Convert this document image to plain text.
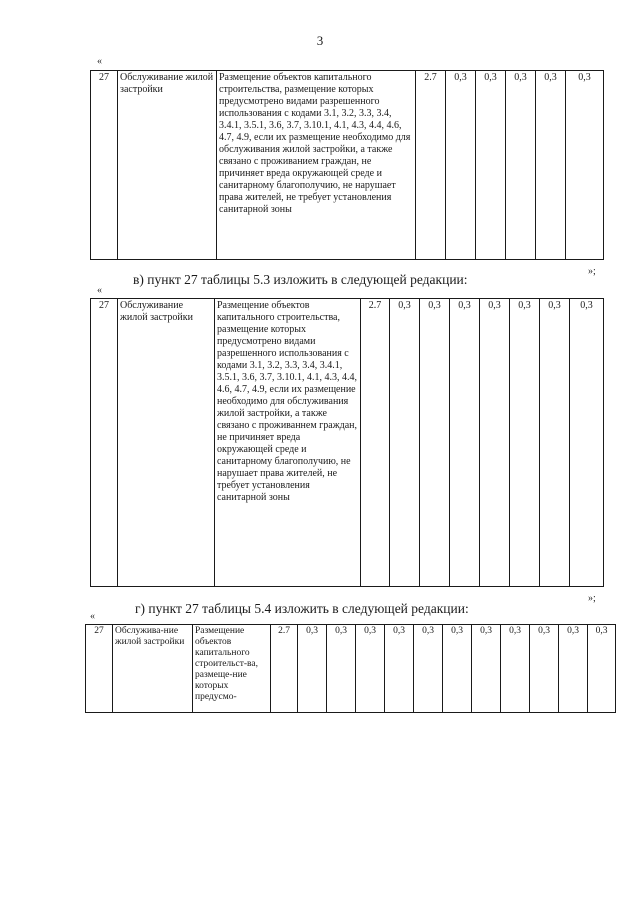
3
«
27	Обслуживание жилой застройки	Размещение объектов капитального строительства, размещение которых предусмотрено видами разрешенного использования с кодами 3.1, 3.2, 3.3, 3.4, 3.4.1, 3.5.1, 3.6, 3.7, 3.10.1, 4.1, 4.3, 4.4, 4.6, 4.7, 4.9, если их размещение необходимо для обслуживания жилой застройки, а также связано с проживанием граждан, не причиняет вреда окружающей среде и санитарному благополучию, не нарушает права жителей, не требует установления санитарной зоны	2.7	0,3	0,3	0,3	0,3	0,3
»;
в) пункт 27 таблицы 5.3 изложить в следующей редакции:
«
27	Обслуживание жилой застройки	Размещение объектов капитального строительства, размещение которых предусмотрено видами разрешенного использования с кодами 3.1, 3.2, 3.3, 3.4, 3.4.1, 3.5.1, 3.6, 3.7, 3.10.1, 4.1, 4.3, 4.4, 4.6, 4.7, 4.9, если их размещение необходимо для обслуживания жилой застройки, а также связано с проживаннем граждан, не причиняет вреда окружающей среде и санитарному благополучию, не нарушает права жителей, не требует установления санитарной зоны	2.7	0,3	0,3	0,3	0,3	0,3	0,3	0,3
»;
г) пункт 27 таблицы 5.4 изложить в следующей редакции:
«
27	Обслужива-ние жилой застройки	Размещение объектов капитального строительст-ва, размеще-ние которых предусмо-	2.7	0,3	0,3	0,3	0,3	0,3	0,3	0,3	0,3	0,3	0,3	0,3
